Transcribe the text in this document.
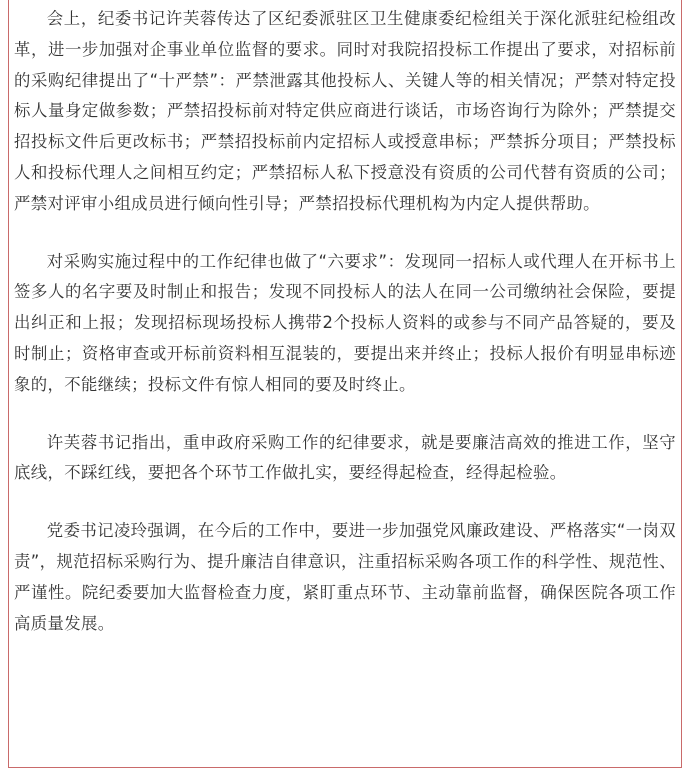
会上，纪委书记许芙蓉传达了区纪委派驻区卫生健康委纪检组关于深化派驻纪检组改革，进一步加强对企事业单位监督的要求。同时对我院招投标工作提出了要求，对招标前的采购纪律提出了“十严禁”：严禁泄露其他投标人、关键人等的相关情况；严禁对特定投标人量身定做参数；严禁招投标前对特定供应商进行谈话，市场咨询行为除外；严禁提交招投标文件后更改标书；严禁招投标前内定招标人或授意串标；严禁拆分项目；严禁投标人和投标代理人之间相互约定；严禁招标人私下授意没有资质的公司代替有资质的公司；严禁对评审小组成员进行倾向性引导；严禁招投标代理机构为内定人提供帮助。

对采购实施过程中的工作纪律也做了“六要求”：发现同一招标人或代理人在开标书上签多人的名字要及时制止和报告；发现不同投标人的法人在同一公司缴纳社会保险，要提出纠正和上报；发现招标现场投标人携带2个投标人资料的或参与不同产品答疑的，要及时制止；资格审查或开标前资料相互混装的，要提出来并终止；投标人报价有明显串标迹象的，不能继续；投标文件有惊人相同的要及时终止。

许芙蓉书记指出，重申政府采购工作的纪律要求，就是要廉洁高效的推进工作，坚守底线，不踩红线，要把各个环节工作做扎实，要经得起检查，经得起检验。

党委书记凌玲强调，在今后的工作中，要进一步加强党风廉政建设、严格落实“一岗双责”，规范招标采购行为、提升廉洁自律意识，注重招标采购各项工作的科学性、规范性、严谨性。院纪委要加大监督检查力度，紧盯重点环节、主动靠前监督，确保医院各项工作高质量发展。
